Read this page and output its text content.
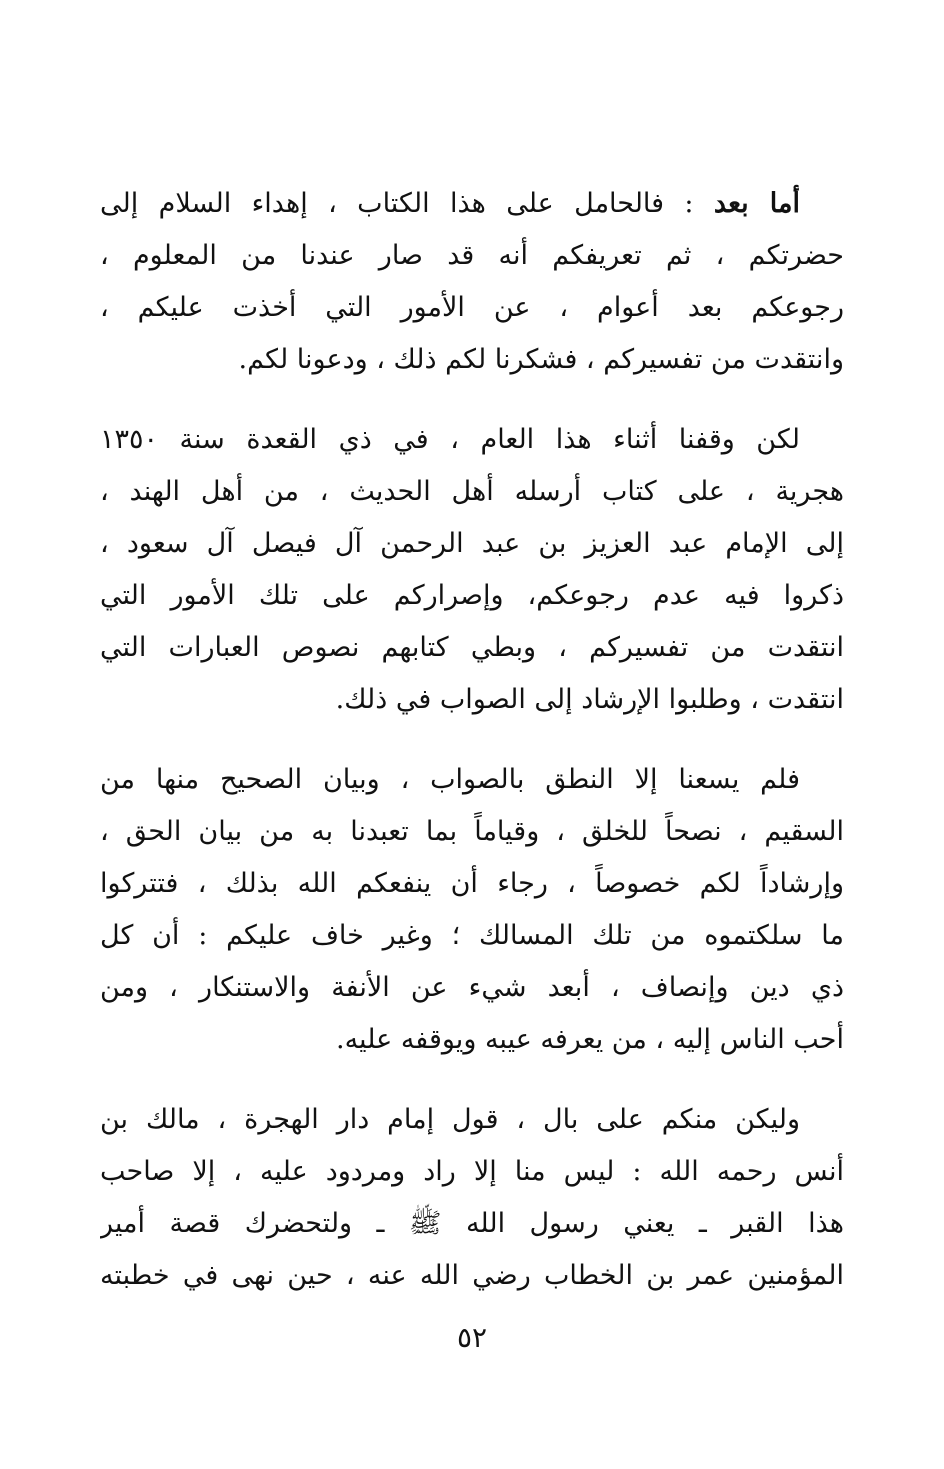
أما بعد : فالحامل على هذا الكتاب ، إهداء السلام إلى
حضرتكم ، ثم تعريفكم أنه قد صار عندنا من المعلوم ،
رجوعكم بعد أعوام ، عن الأمور التي أخذت عليكم ،
وانتقدت من تفسيركم ، فشكرنا لكم ذلك ، ودعونا لكم.
لكن وقفنا أثناء هذا العام ، في ذي القعدة سنة ١٣٥٠
هجرية ، على كتاب أرسله أهل الحديث ، من أهل الهند ،
إلى الإمام عبد العزيز بن عبد الرحمن آل فيصل آل سعود ،
ذكروا فيه عدم رجوعكم، وإصراركم على تلك الأمور التي
انتقدت من تفسيركم ، وبطي كتابهم نصوص العبارات التي
انتقدت ، وطلبوا الإرشاد إلى الصواب في ذلك.
فلم يسعنا إلا النطق بالصواب ، وبيان الصحيح منها من
السقيم ، نصحاً للخلق ، وقياماً بما تعبدنا به من بيان الحق ،
وإرشاداً لكم خصوصاً ، رجاء أن ينفعكم الله بذلك ، فتتركوا
ما سلكتموه من تلك المسالك ؛ وغير خاف عليكم : أن كل
ذي دين وإنصاف ، أبعد شيء عن الأنفة والاستنكار ، ومن
أحب الناس إليه ، من يعرفه عيبه ويوقفه عليه.
وليكن منكم على بال ، قول إمام دار الهجرة ، مالك بن
أنس رحمه الله : ليس منا إلا راد ومردود عليه ، إلا صاحب
هذا القبر ـ يعني رسول الله ﷺ ـ ولتحضرك قصة أمير
المؤمنين عمر بن الخطاب رضي الله عنه ، حين نهى في خطبته
٥٢
